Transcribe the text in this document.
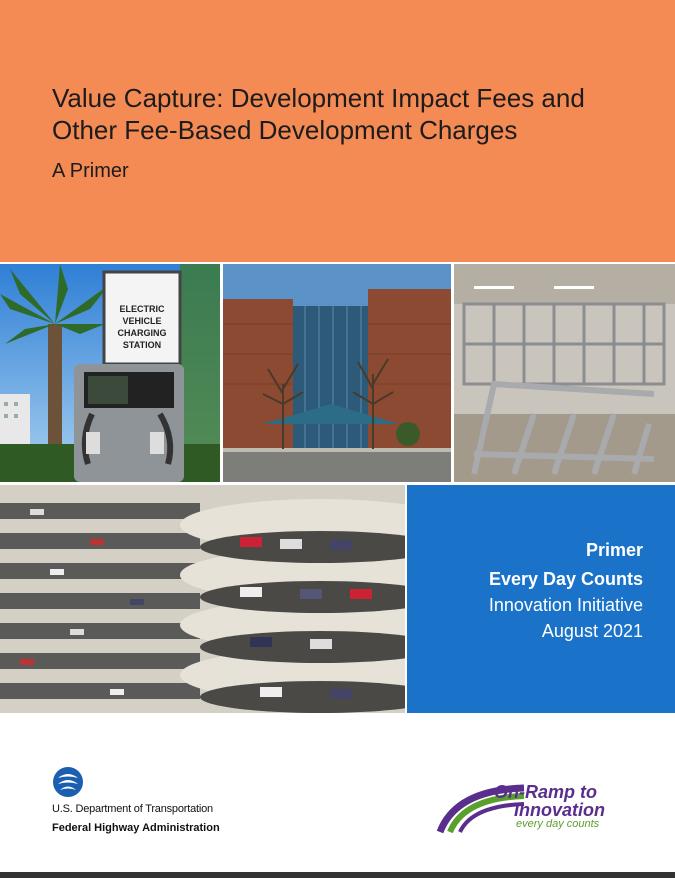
Value Capture: Development Impact Fees and Other Fee-Based Development Charges
A Primer
ELECTRIC
VEHICLE
CHARGING
STATION
Primer
Every Day Counts
Innovation Initiative
August 2021
U.S. Department of Transportation
Federal Highway Administration
On-Ramp to
Innovation
every day counts
